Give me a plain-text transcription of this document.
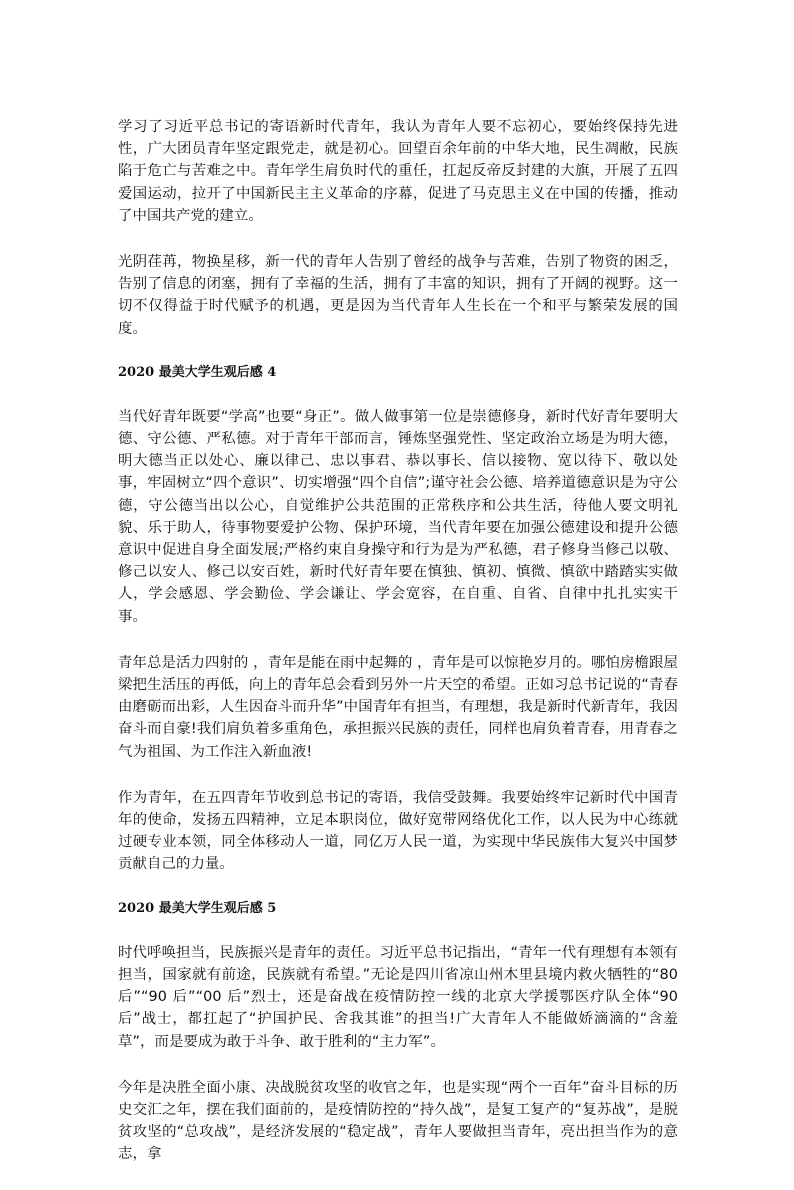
学习了习近平总书记的寄语新时代青年，我认为青年人要不忘初心，要始终保持先进性，广大团员青年坚定跟党走，就是初心。回望百余年前的中华大地，民生凋敝，民族陷于危亡与苦难之中。青年学生肩负时代的重任，扛起反帝反封建的大旗，开展了五四爱国运动，拉开了中国新民主主义革命的序幕，促进了马克思主义在中国的传播，推动了中国共产党的建立。

光阴荏苒，物换星移，新一代的青年人告别了曾经的战争与苦难，告别了物资的困乏，告别了信息的闭塞，拥有了幸福的生活，拥有了丰富的知识，拥有了开阔的视野。这一切不仅得益于时代赋予的机遇，更是因为当代青年人生长在一个和平与繁荣发展的国度。

2020 最美大学生观后感 4

当代好青年既要“学高”也要“身正”。做人做事第一位是崇德修身，新时代好青年要明大德、守公德、严私德。对于青年干部而言，锤炼坚强党性、坚定政治立场是为明大德，明大德当正以处心、廉以律己、忠以事君、恭以事长、信以接物、宽以待下、敬以处事，牢固树立“四个意识”、切实增强“四个自信”;谨守社会公德、培养道德意识是为守公德，守公德当出以公心，自觉维护公共范围的正常秩序和公共生活，待他人要文明礼貌、乐于助人，待事物要爱护公物、保护环境，当代青年要在加强公德建设和提升公德意识中促进自身全面发展;严格约束自身操守和行为是为严私德，君子修身当修己以敬、修己以安人、修己以安百姓，新时代好青年要在慎独、慎初、慎微、慎欲中踏踏实实做人，学会感恩、学会勤俭、学会谦让、学会宽容，在自重、自省、自律中扎扎实实干事。

青年总是活力四射的 ，青年是能在雨中起舞的 ，青年是可以惊艳岁月的。哪怕房檐跟屋梁把生活压的再低，向上的青年总会看到另外一片天空的希望。正如习总书记说的“青春由磨砺而出彩，人生因奋斗而升华”中国青年有担当，有理想，我是新时代新青年，我因奋斗而自豪!我们肩负着多重角色，承担振兴民族的责任，同样也肩负着青春，用青春之气为祖国、为工作注入新血液!

作为青年，在五四青年节收到总书记的寄语，我信受鼓舞。我要始终牢记新时代中国青年的使命，发扬五四精神，立足本职岗位，做好宽带网络优化工作，以人民为中心练就过硬专业本领，同全体移动人一道，同亿万人民一道，为实现中华民族伟大复兴中国梦贡献自己的力量。

2020 最美大学生观后感 5

时代呼唤担当，民族振兴是青年的责任。习近平总书记指出，“青年一代有理想有本领有担当，国家就有前途，民族就有希望。”无论是四川省凉山州木里县境内救火牺牲的“80 后”“90 后”“00 后”烈士，还是奋战在疫情防控一线的北京大学援鄂医疗队全体“90 后”战士，都扛起了“护国护民、舍我其谁”的担当!广大青年人不能做娇滴滴的“含羞草”，而是要成为敢于斗争、敢于胜利的“主力军”。

今年是决胜全面小康、决战脱贫攻坚的收官之年，也是实现“两个一百年”奋斗目标的历史交汇之年，摆在我们面前的，是疫情防控的“持久战”，是复工复产的“复苏战”，是脱贫攻坚的“总攻战”，是经济发展的“稳定战”，青年人要做担当青年，亮出担当作为的意志，拿
